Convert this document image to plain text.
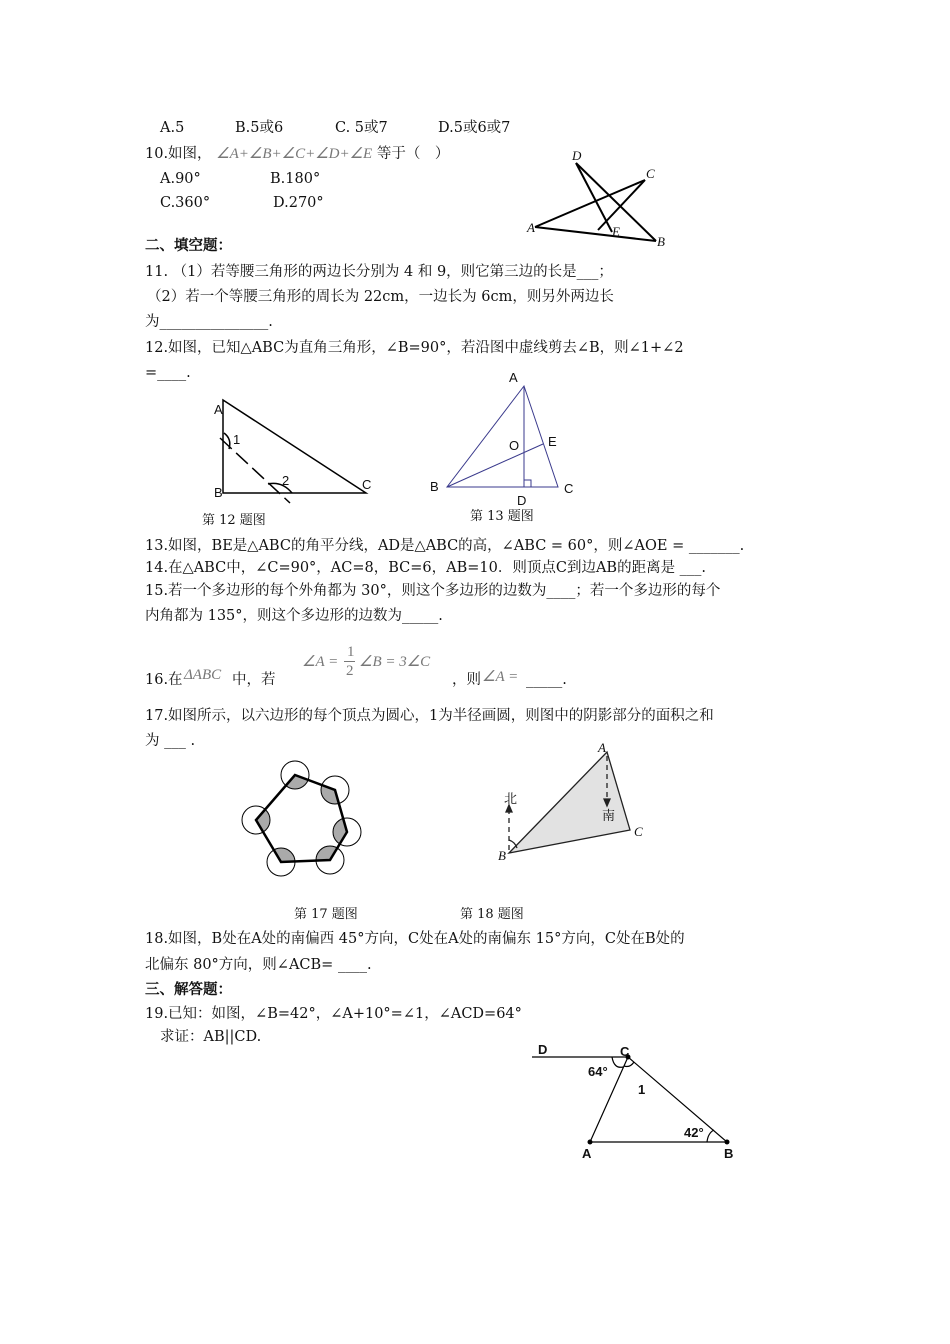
A.5	B.5或6	C. 5或7	D.5或6或7
10.如图， ∠A+∠B+∠C+∠D+∠E 等于（　）
A.90°	B.180°
C.360°	D.270°
二、填空题：
11. （1）若等腰三角形的两边长分别为 4 和 9，则它第三边的长是___；
（2）若一个等腰三角形的周长为 22cm，一边长为 6cm，则另外两边长
为_______________.
12.如图，已知△ABC为直角三角形，∠B=90°，若沿图中虚线剪去∠B，则∠1+∠2
=____.
第 12 题图	第 13 题图
13.如图，BE是△ABC的角平分线，AD是△ABC的高，∠ABC = 60°，则∠AOE = _______.
14.在△ABC中，∠C=90°，AC=8，BC=6，AB=10．则顶点C到边AB的距离是 ___.
15.若一个多边形的每个外角都为 30°，则这个多边形的边数为____；若一个多边形的每个
内角都为 135°，则这个多边形的边数为_____.
16.在 ΔABC 中，若
∠A =
1
2
∠B = 3∠C
，则 ∠A = _____.
17.如图所示，以六边形的每个顶点为圆心，1为半径画圆，则图中的阴影部分的面积之和
为 ___ .
第 17 题图	第 18 题图
18.如图，B处在A处的南偏西 45°方向，C处在A处的南偏东 15°方向，C处在B处的
北偏东 80°方向，则∠ACB= ____.
三、解答题：
19.已知：如图，∠B=42°，∠A+10°=∠1，∠ACD=64°
求证：AB||CD.
D
C
A	E
B
A
B
C
1
2
A
B	C
D
O E
A
B
C
北
南
D	C
64°
1
42°
A	B
